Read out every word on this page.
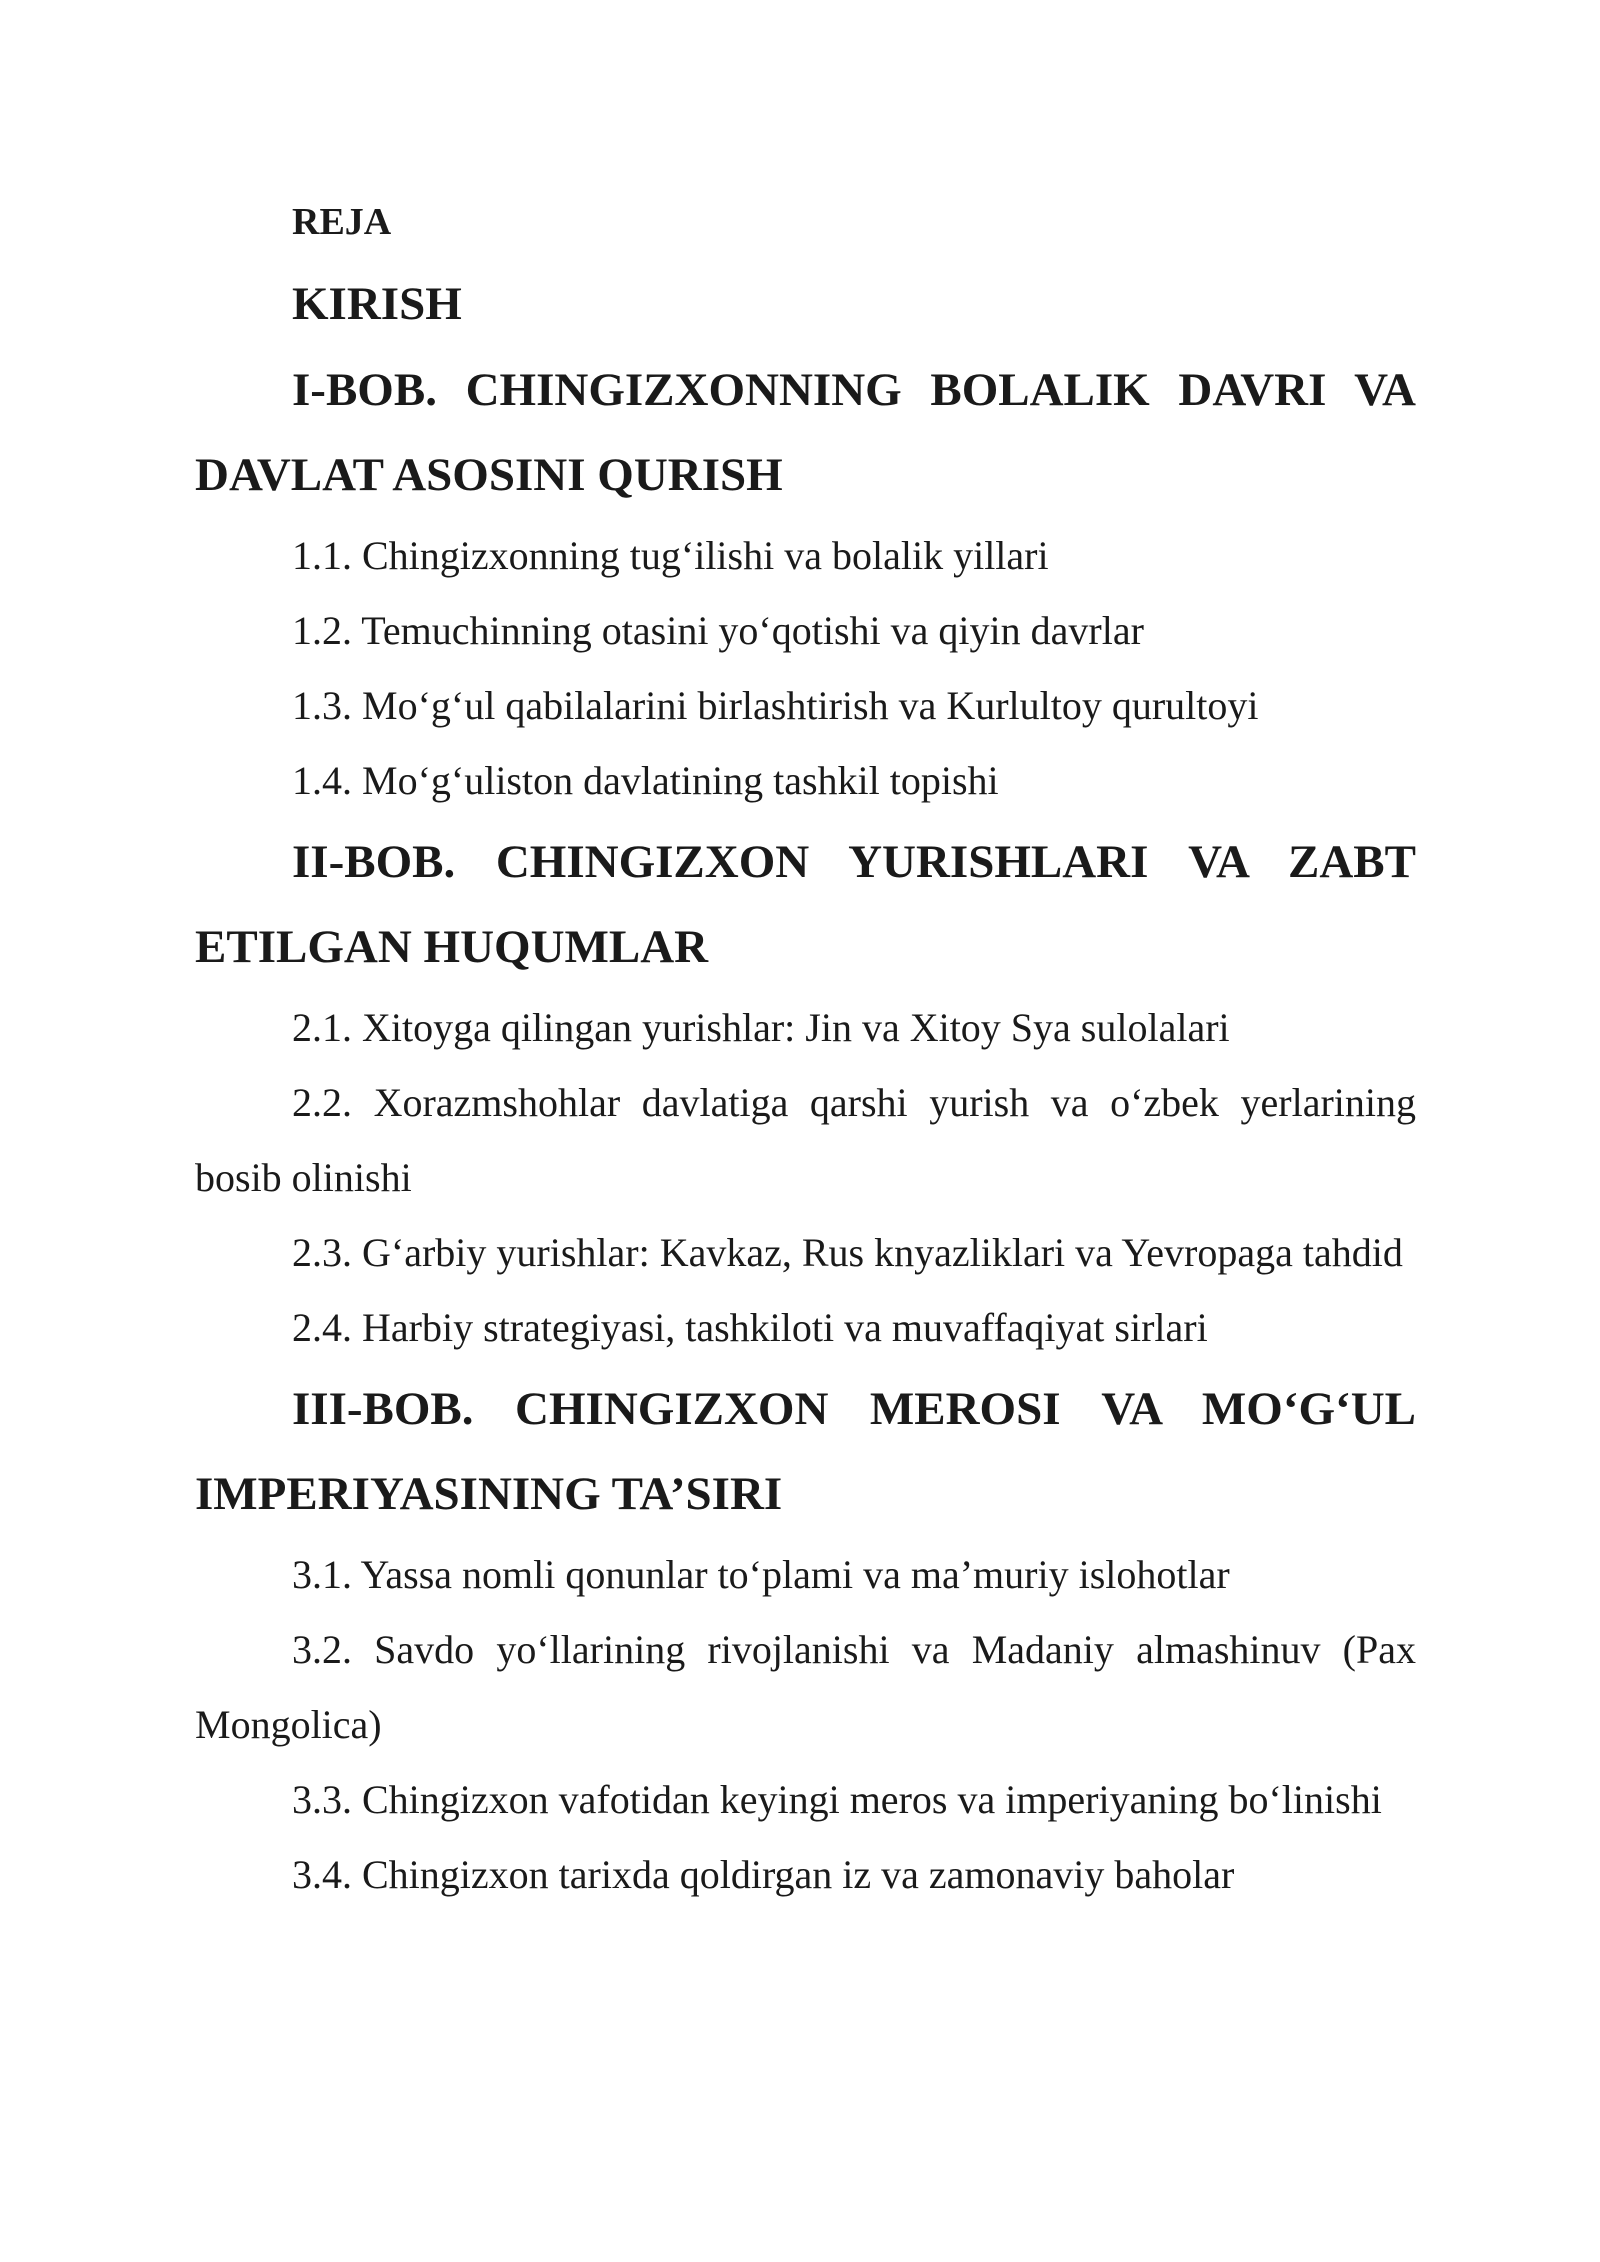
REJA

KIRISH

I-BOB. CHINGIZXONNING BOLALIK DAVRI VA DAVLAT ASOSINI QURISH

1.1. Chingizxonning tug‘ilishi va bolalik yillari

1.2. Temuchinning otasini yo‘qotishi va qiyin davrlar

1.3. Mo‘g‘ul qabilalarini birlashtirish va Kurlultoy qurultoyi

1.4. Mo‘g‘uliston davlatining tashkil topishi

II-BOB. CHINGIZXON YURISHLARI VA ZABT ETILGAN HUQUMLAR

2.1. Xitoyga qilingan yurishlar: Jin va Xitoy Sya sulolalari

2.2. Xorazmshohlar davlatiga qarshi yurish va o‘zbek yerlarining bosib olinishi

2.3. G‘arbiy yurishlar: Kavkaz, Rus knyazliklari va Yevropaga tahdid

2.4. Harbiy strategiyasi, tashkiloti va muvaffaqiyat sirlari

III-BOB. CHINGIZXON MEROSI VA MO‘G‘UL IMPERIYASINING TA’SIRI

3.1. Yassa nomli qonunlar to‘plami va ma’muriy islohotlar

3.2. Savdo yo‘llarining rivojlanishi va Madaniy almashinuv (Pax Mongolica)

3.3. Chingizxon vafotidan keyingi meros va imperiyaning bo‘linishi

3.4. Chingizxon tarixda qoldirgan iz va zamonaviy baholar
